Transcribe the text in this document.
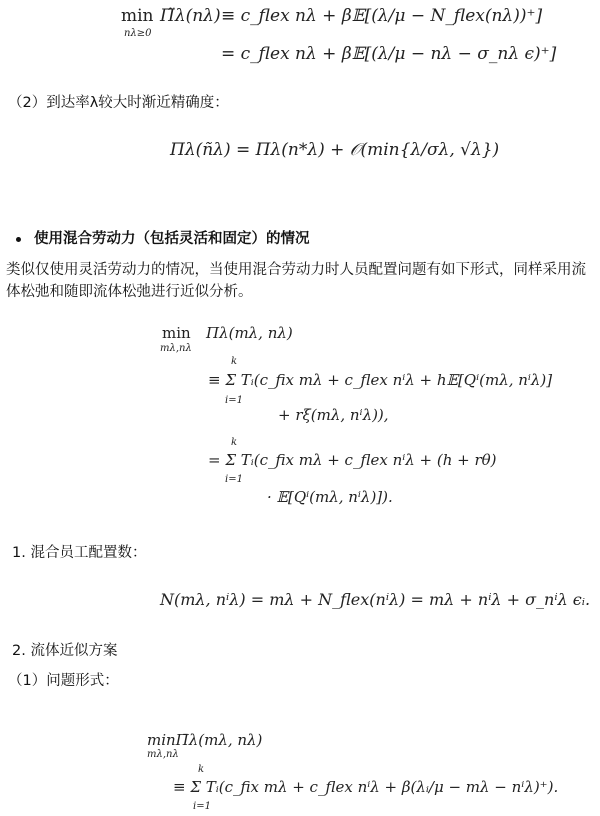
min
nλ≥0
Π̃λ(nλ) ≡ c_flex nλ + β𝔼[(λ/μ − N_flex(nλ))⁺]
= c_flex nλ + β𝔼[(λ/μ − nλ − σ_nλ ϵ)⁺]
（2）到达率λ较大时渐近精确度：
Πλ(ñλ) = Πλ(n*λ) + 𝒪(min{λ/σλ, √λ})
使用混合劳动力（包括灵活和固定）的情况
类似仅使用灵活劳动力的情况，当使用混合劳动力时人员配置问题有如下形式，同样采用流体松弛和随即流体松弛进行近似分析。
min
mλ,nλ
Πλ(mλ, nλ)
k
i=1
≡ Σ Tᵢ(c_fix mλ + c_flex nⁱλ + h𝔼[Qⁱ(mλ, nⁱλ)]
+ rξ(mλ, nⁱλ)),
k
i=1
= Σ Tᵢ(c_fix mλ + c_flex nⁱλ + (h + rθ)
· 𝔼[Qⁱ(mλ, nⁱλ)]).
1. 混合员工配置数：
N(mλ, nⁱλ) = mλ + N_flex(nⁱλ) = mλ + nⁱλ + σ_nⁱλ ϵᵢ.
2. 流体近似方案
（1）问题形式：
minΠ̄λ(mλ, nλ)
mλ,nλ
k
i=1
≡ Σ Tᵢ(c_fix mλ + c_flex nⁱλ + β(λᵢ/μ − mλ − nⁱλ)⁺).
